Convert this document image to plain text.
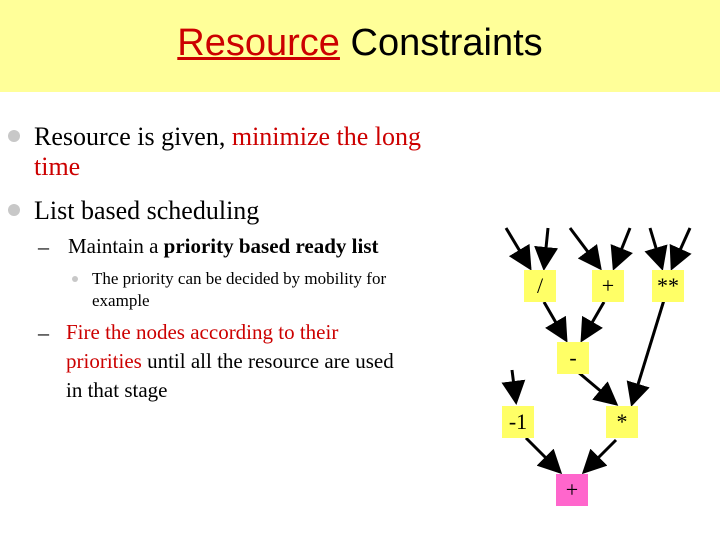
Resource Constraints
Resource is given, minimize the long
time
List based scheduling
– Maintain a priority based ready list
The priority can be decided by mobility for
example
– Fire the nodes according to their
priorities until all the resource are used
in that stage
/	+	**
-
-1	*
+
